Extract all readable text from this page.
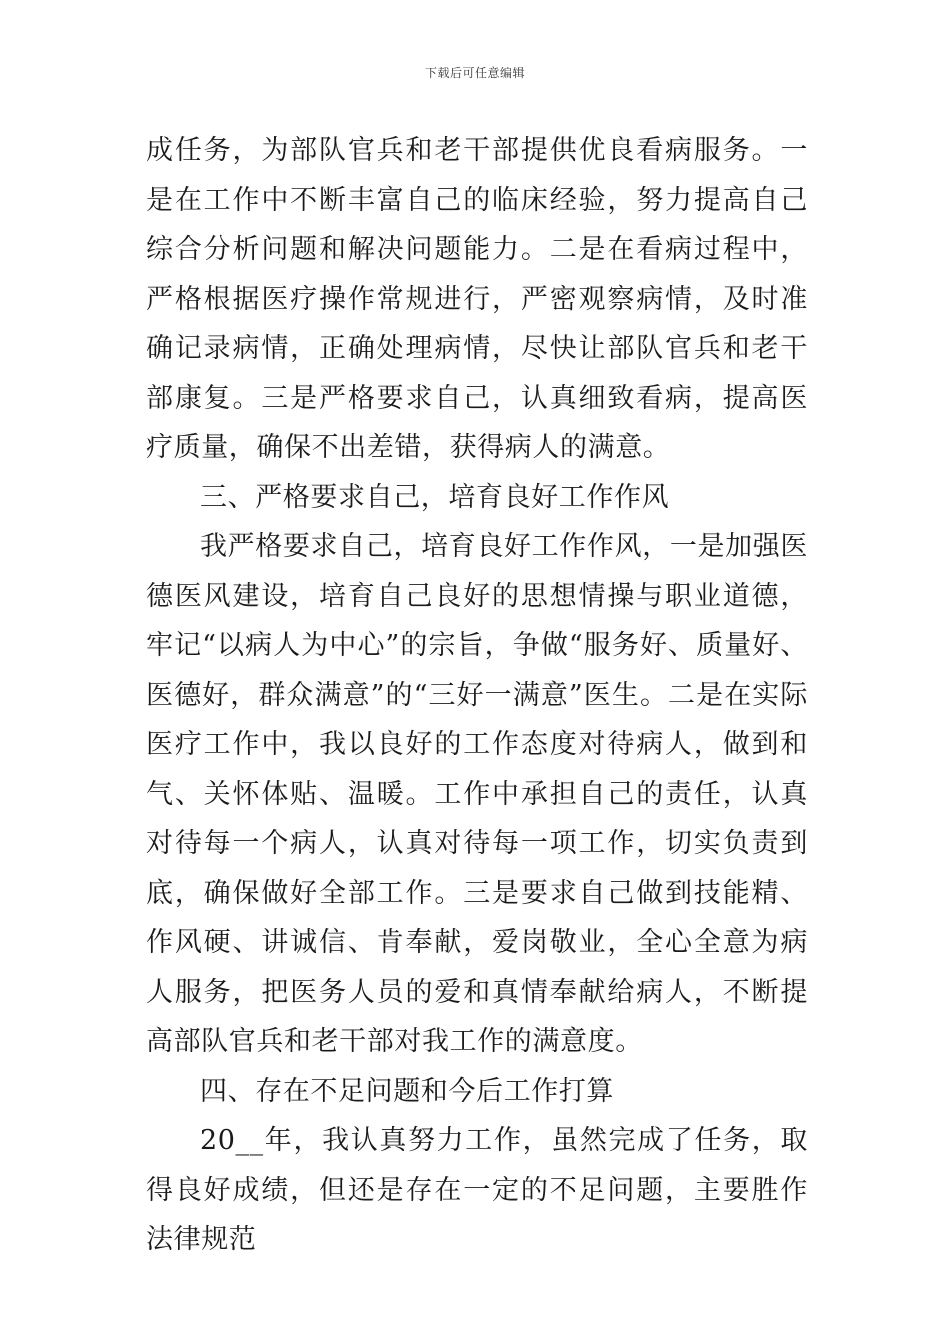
下载后可任意编辑

成任务，为部队官兵和老干部提供优良看病服务。一是在工作中不断丰富自己的临床经验，努力提高自己综合分析问题和解决问题能力。二是在看病过程中，严格根据医疗操作常规进行，严密观察病情，及时准确记录病情，正确处理病情，尽快让部队官兵和老干部康复。三是严格要求自己，认真细致看病，提高医疗质量，确保不出差错，获得病人的满意。

三、严格要求自己，培育良好工作作风

我严格要求自己，培育良好工作作风，一是加强医德医风建设，培育自己良好的思想情操与职业道德，牢记“以病人为中心”的宗旨，争做“服务好、质量好、医德好，群众满意”的“三好一满意”医生。二是在实际医疗工作中，我以良好的工作态度对待病人，做到和气、关怀体贴、温暖。工作中承担自己的责任，认真对待每一个病人，认真对待每一项工作，切实负责到底，确保做好全部工作。三是要求自己做到技能精、作风硬、讲诚信、肯奉献，爱岗敬业，全心全意为病人服务，把医务人员的爱和真情奉献给病人，不断提高部队官兵和老干部对我工作的满意度。

四、存在不足问题和今后工作打算

20__年，我认真努力工作，虽然完成了任务，取得良好成绩，但还是存在一定的不足问题，主要胜作法律规范
